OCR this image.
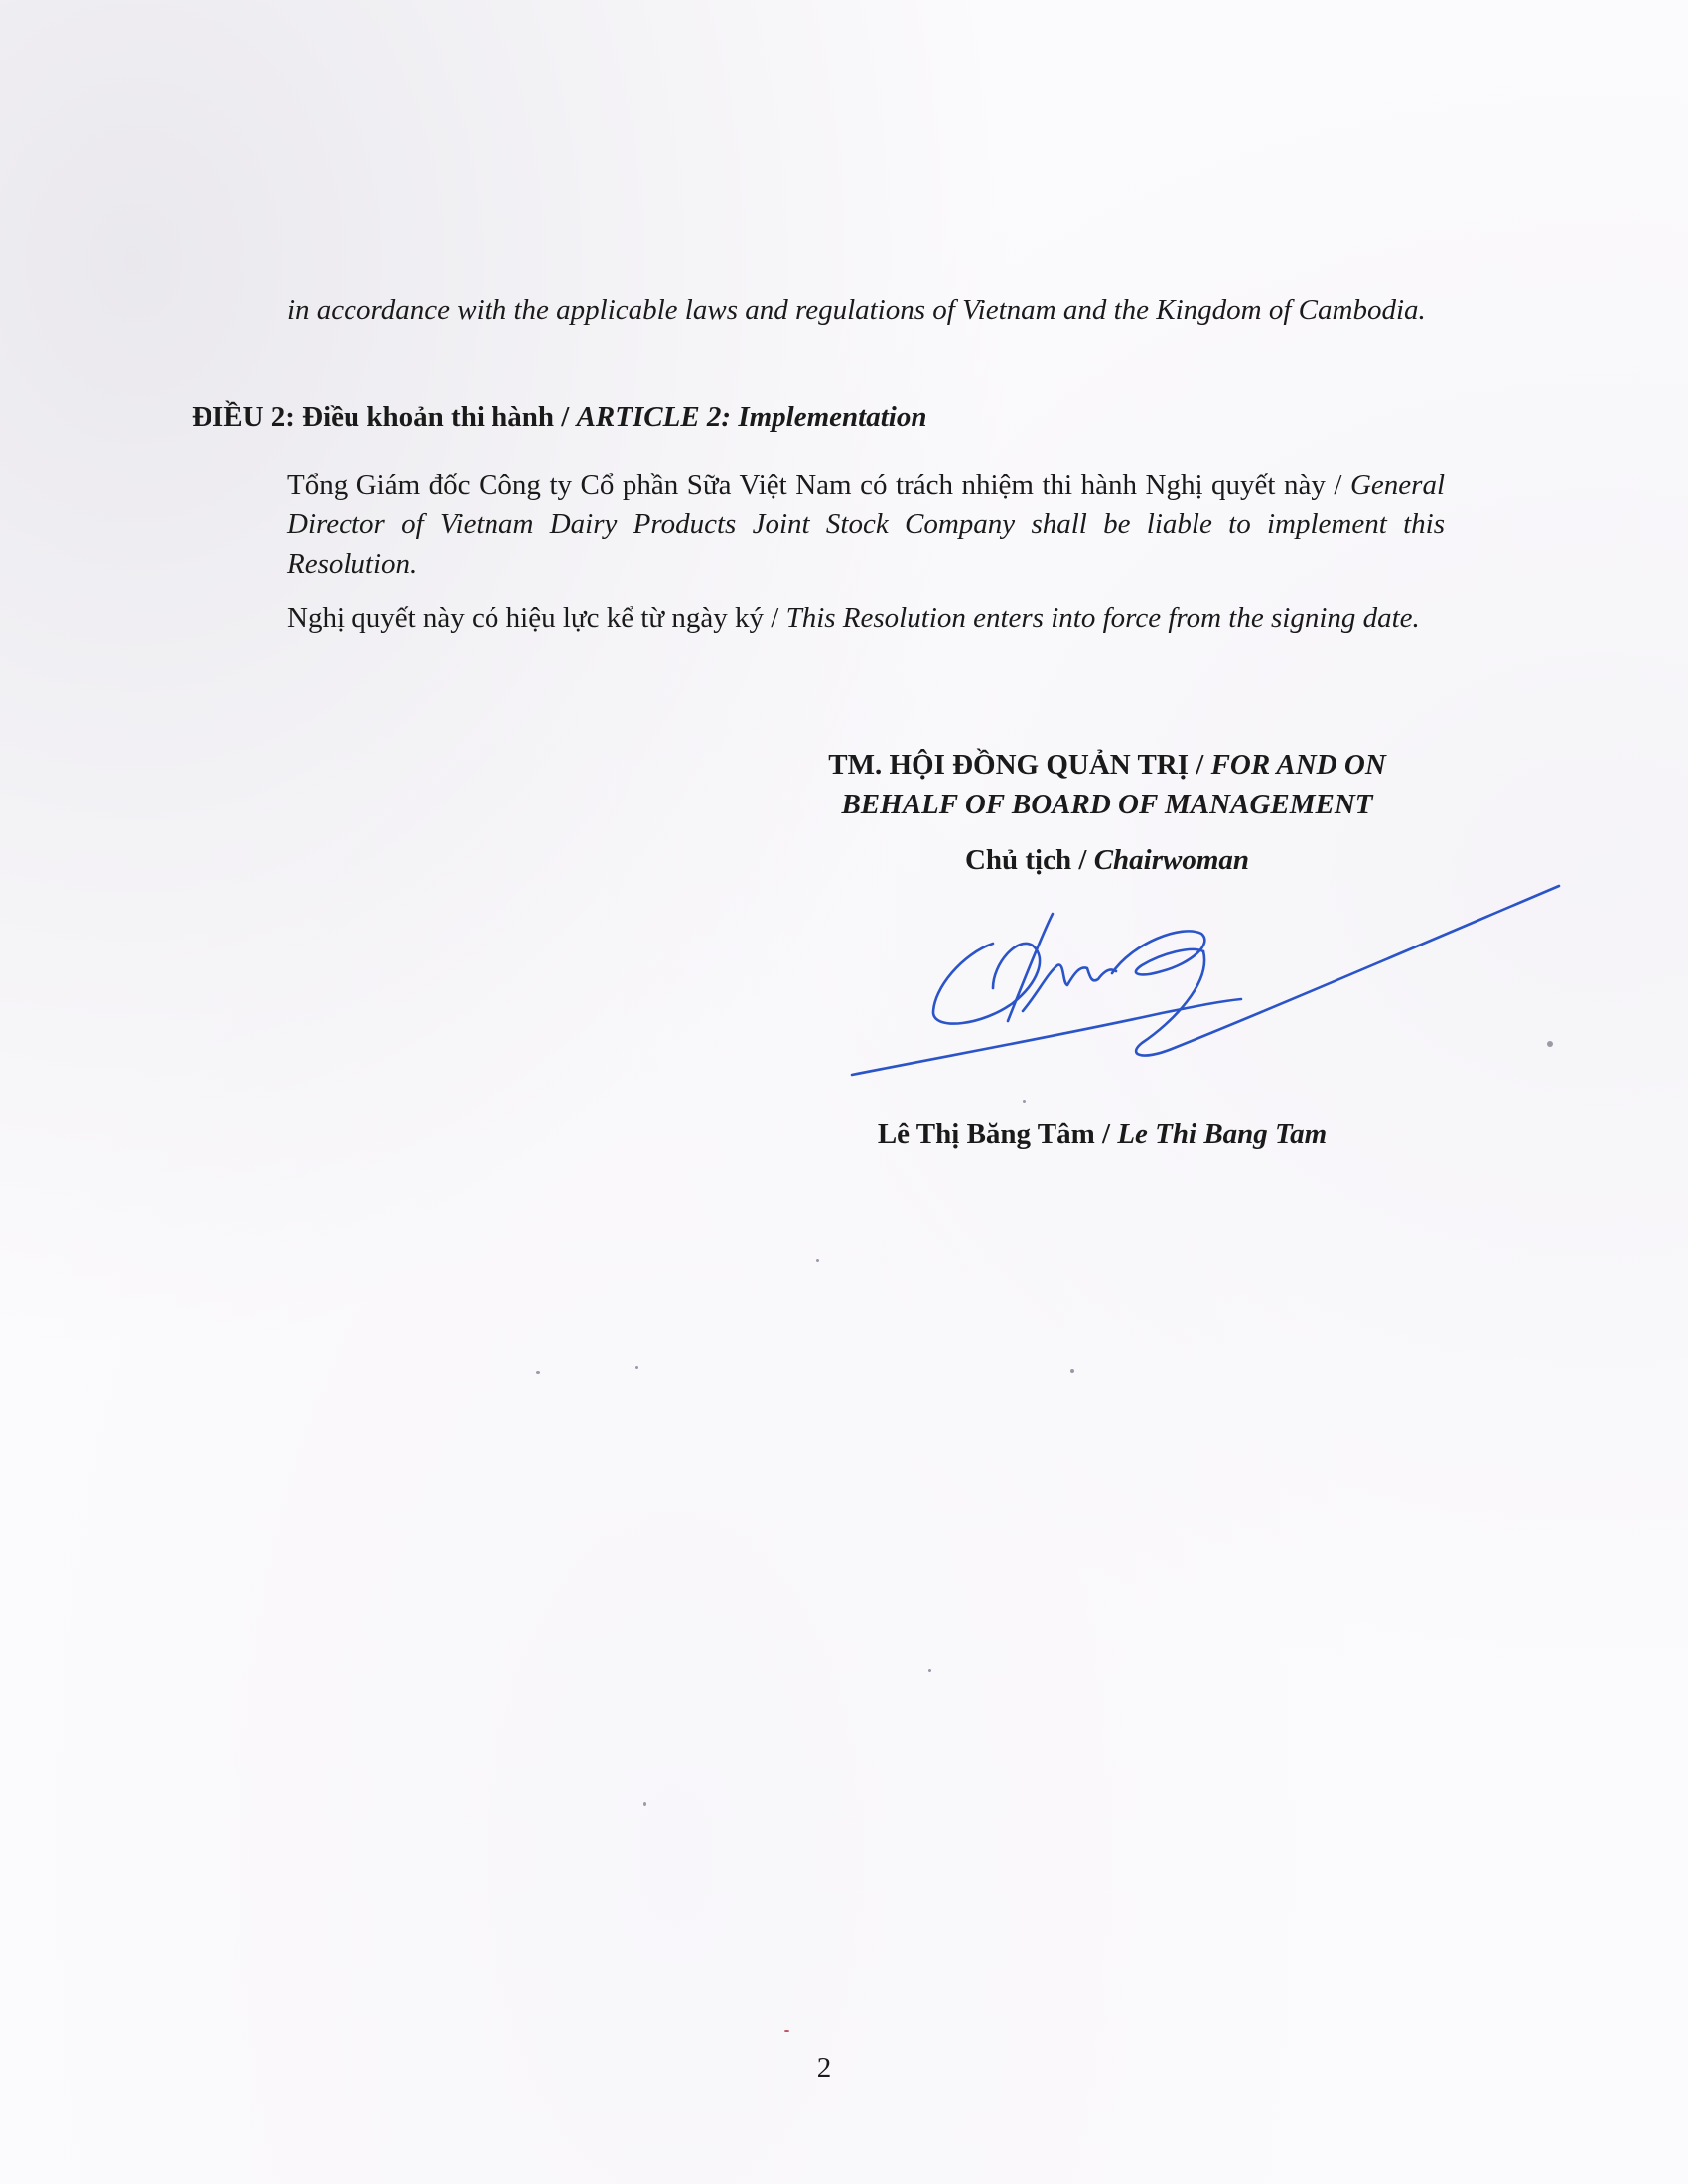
in accordance with the applicable laws and regulations of Vietnam and the Kingdom of Cambodia.
ĐIỀU 2: Điều khoản thi hành / ARTICLE 2: Implementation
Tổng Giám đốc Công ty Cổ phần Sữa Việt Nam có trách nhiệm thi hành Nghị quyết này / General Director of Vietnam Dairy Products Joint Stock Company shall be liable to implement this Resolution.
Nghị quyết này có hiệu lực kể từ ngày ký / This Resolution enters into force from the signing date.
TM. HỘI ĐỒNG QUẢN TRỊ / FOR AND ON
BEHALF OF BOARD OF MANAGEMENT
Chủ tịch / Chairwoman
Lê Thị Băng Tâm / Le Thi Bang Tam
2
